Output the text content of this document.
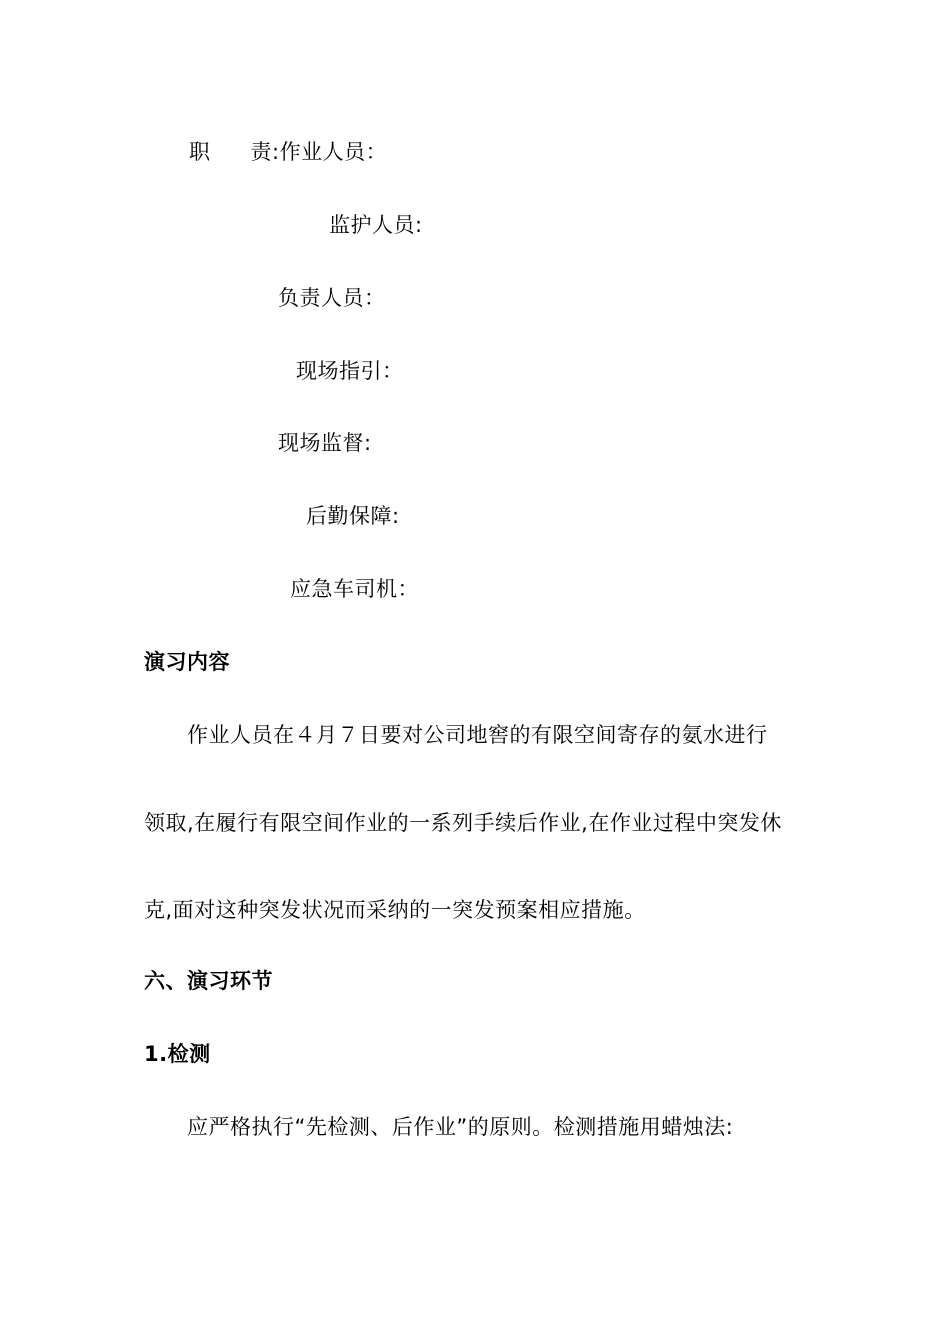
职 责:作业人员：
监护人员:
负责人员：
现场指引：
现场监督:
后勤保障:
应急车司机：
演习内容
作业人员在４月７日要对公司地窖的有限空间寄存的氨水进行
领取,在履行有限空间作业的一系列手续后作业,在作业过程中突发休
克,面对这种突发状况而采纳的一突发预案相应措施。
六、演习环节
1.检测
应严格执行“先检测、后作业”的原则。检测措施用蜡烛法:
